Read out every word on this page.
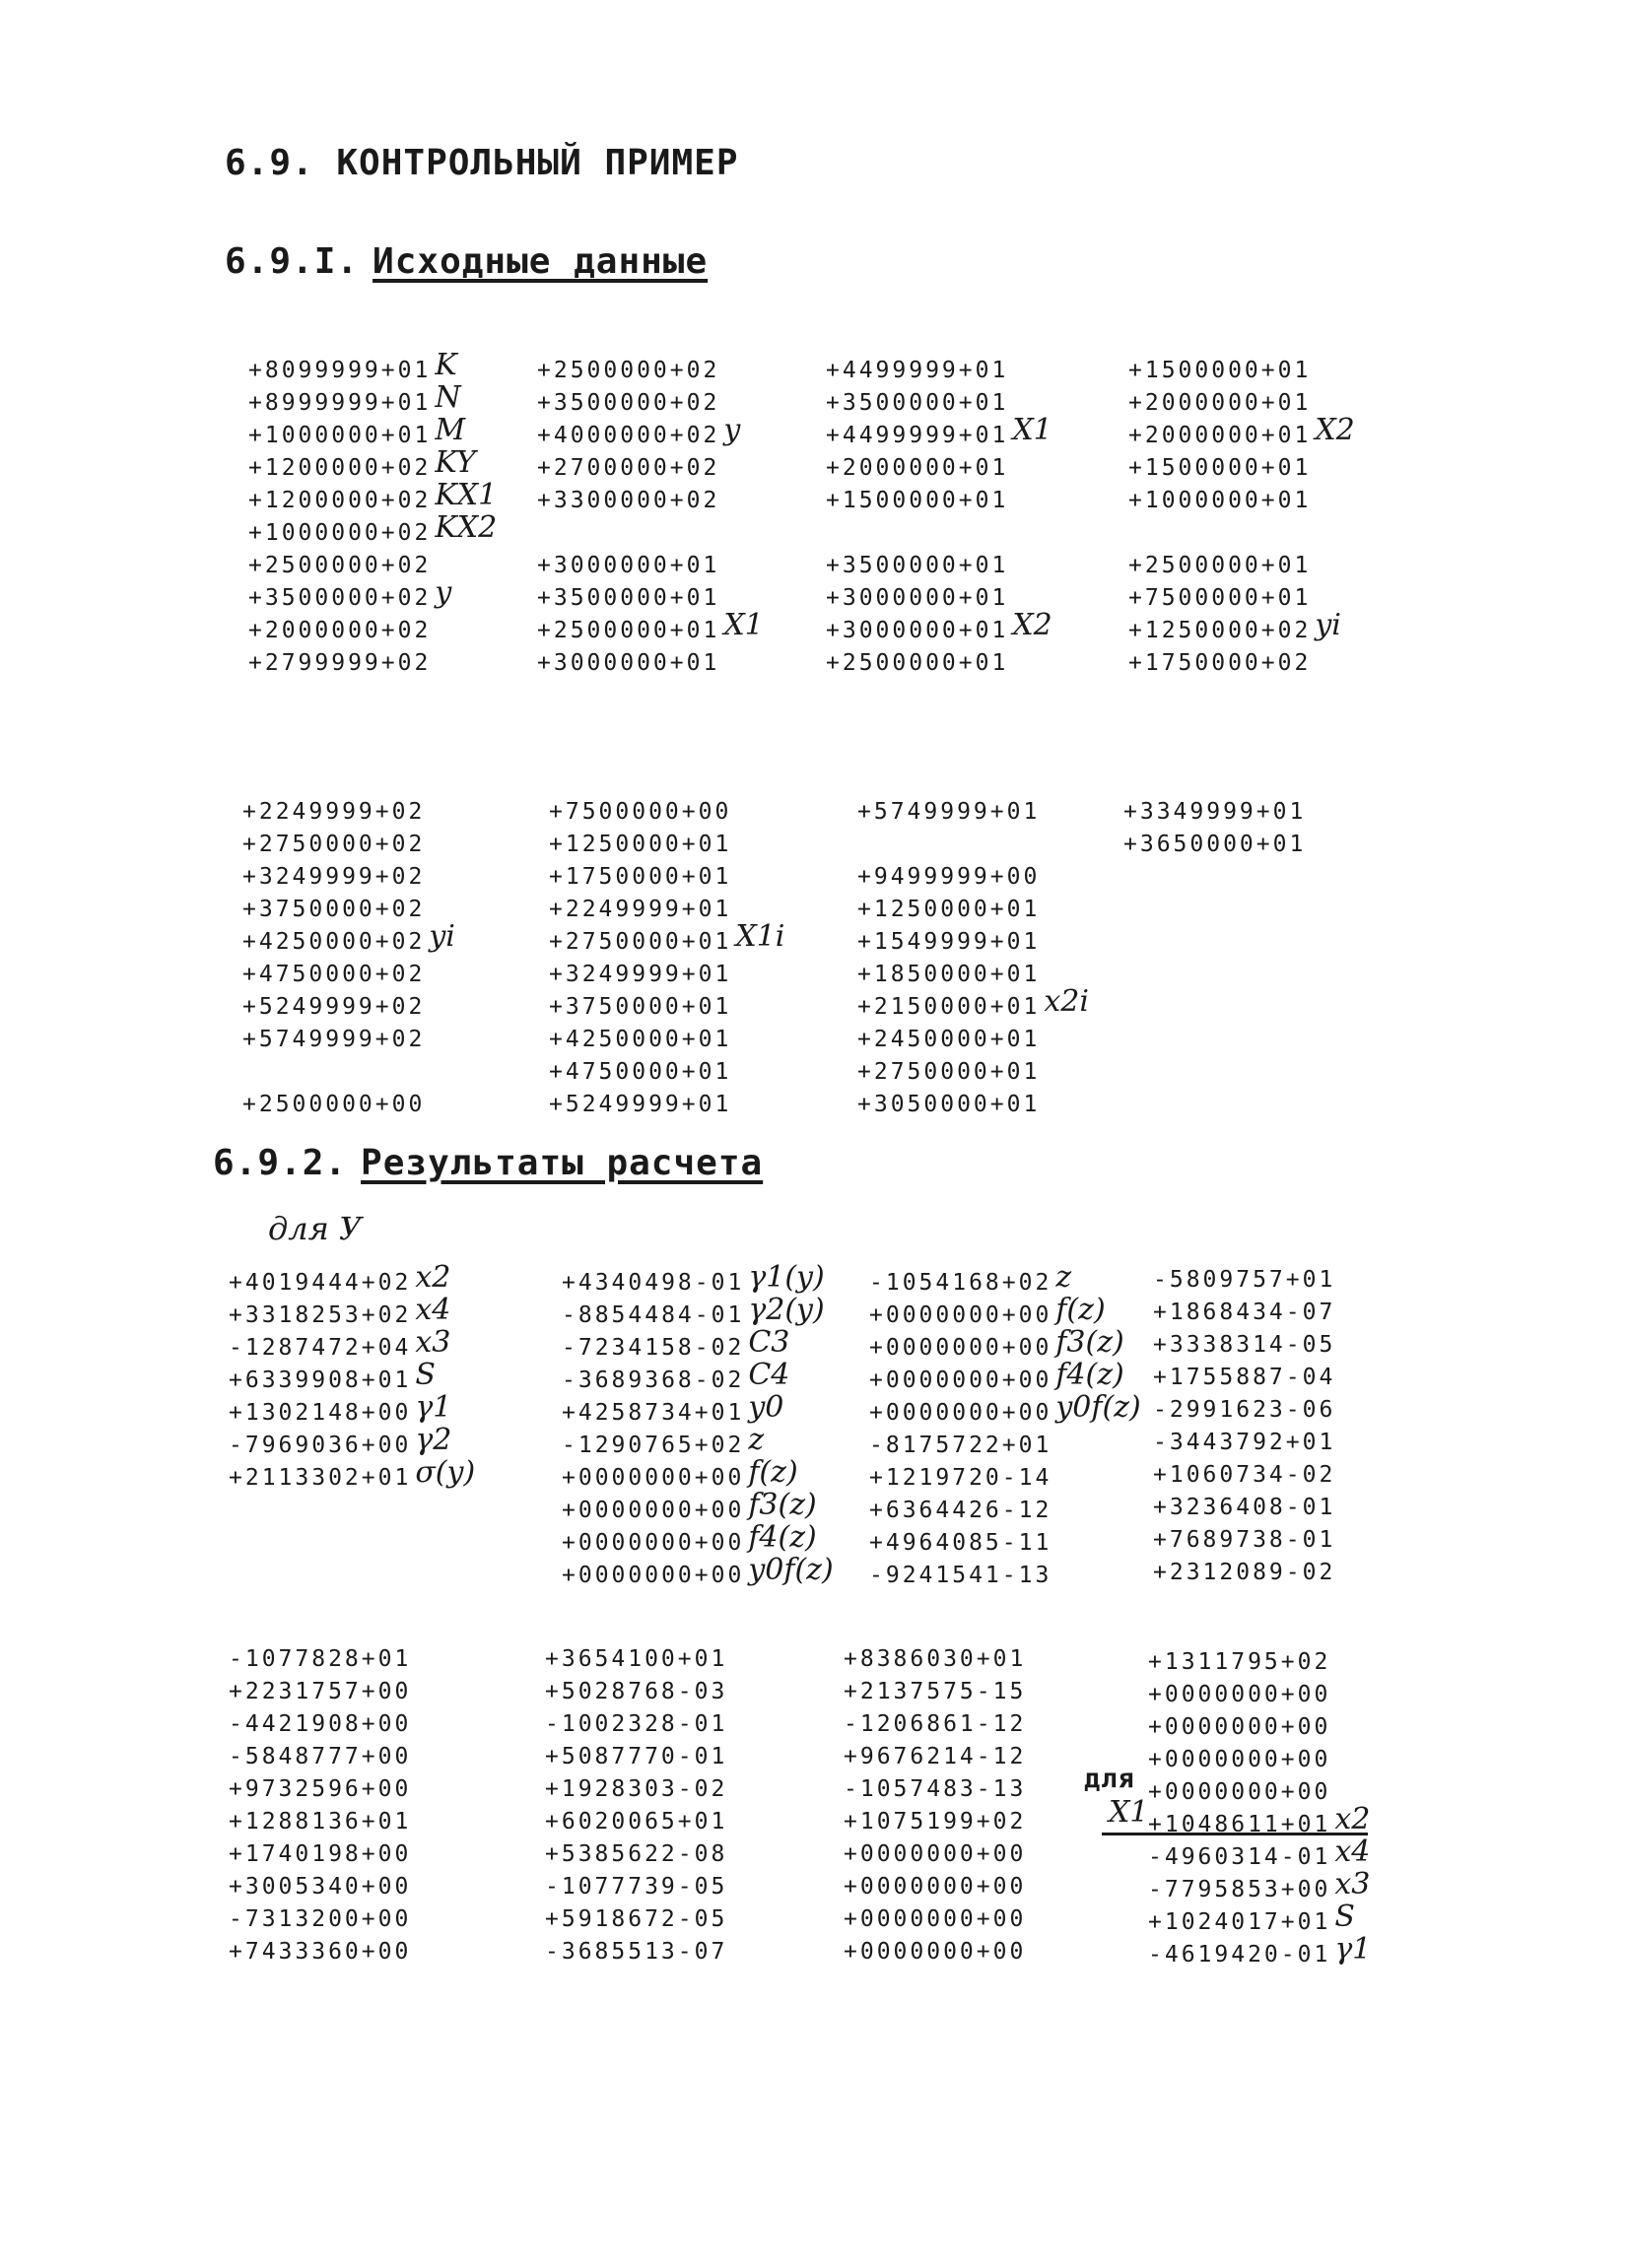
6.9. КОНТРОЛЬНЫЙ ПРИМЕР
6.9.I. Исходные данные
+8099999+01 K
+8999999+01 N
+1000000+01 M
+1200000+02 KY
+1200000+02 KX1
+1000000+02 KX2
+2500000+02
+3500000+02 y
+2000000+02
+2799999+02
+2500000+02
+3500000+02
+4000000+02 y
+2700000+02
+3300000+02
+3000000+01
+3500000+01
+2500000+01 X1
+3000000+01
+4499999+01
+3500000+01
+4499999+01 X1
+2000000+01
+1500000+01
+3500000+01
+3000000+01
+3000000+01 X2
+2500000+01
+1500000+01
+2000000+01
+2000000+01 X2
+1500000+01
+1000000+01
+2500000+01
+7500000+01
+1250000+02 yi
+1750000+02
+2249999+02
+2750000+02
+3249999+02
+3750000+02
+4250000+02 yi
+4750000+02
+5249999+02
+5749999+02
+2500000+00
+7500000+00
+1250000+01
+1750000+01
+2249999+01
+2750000+01 X1i
+3249999+01
+3750000+01
+4250000+01
+4750000+01
+5249999+01
+5749999+01
+9499999+00
+1250000+01
+1549999+01
+1850000+01
+2150000+01 x2i
+2450000+01
+2750000+01
+3050000+01
+3349999+01
+3650000+01
6.9.2. Результаты расчета
для У
+4019444+02 x2
+3318253+02 x4
-1287472+04 x3
+6339908+01 S
+1302148+00 γ1
-7969036+00 γ2
+2113302+01 σ(y)
+4340498-01 γ1(y)
-8854484-01 γ2(y)
-7234158-02 C3
-3689368-02 C4
+4258734+01 y0
-1290765+02 z
+0000000+00 f(z)
+0000000+00 f3(z)
+0000000+00 f4(z)
+0000000+00 y0f(z)
-1054168+02 z
+0000000+00 f(z)
+0000000+00 f3(z)
+0000000+00 f4(z)
+0000000+00 y0f(z)
-8175722+01
+1219720-14
+6364426-12
+4964085-11
-9241541-13
-5809757+01
+1868434-07
+3338314-05
+1755887-04
-2991623-06
-3443792+01
+1060734-02
+3236408-01
+7689738-01
+2312089-02
-1077828+01
+2231757+00
-4421908+00
-5848777+00
+9732596+00
+1288136+01
+1740198+00
+3005340+00
-7313200+00
+7433360+00
+3654100+01
+5028768-03
-1002328-01
+5087770-01
+1928303-02
+6020065+01
+5385622-08
-1077739-05
+5918672-05
-3685513-07
+8386030+01
+2137575-15
-1206861-12
+9676214-12
-1057483-13
+1075199+02
+0000000+00
+0000000+00
+0000000+00
+0000000+00
для
X1
+1311795+02
+0000000+00
+0000000+00
+0000000+00
+0000000+00
+1048611+01 x2
-4960314-01 x4
-7795853+00 x3
+1024017+01 S
-4619420-01 γ1
